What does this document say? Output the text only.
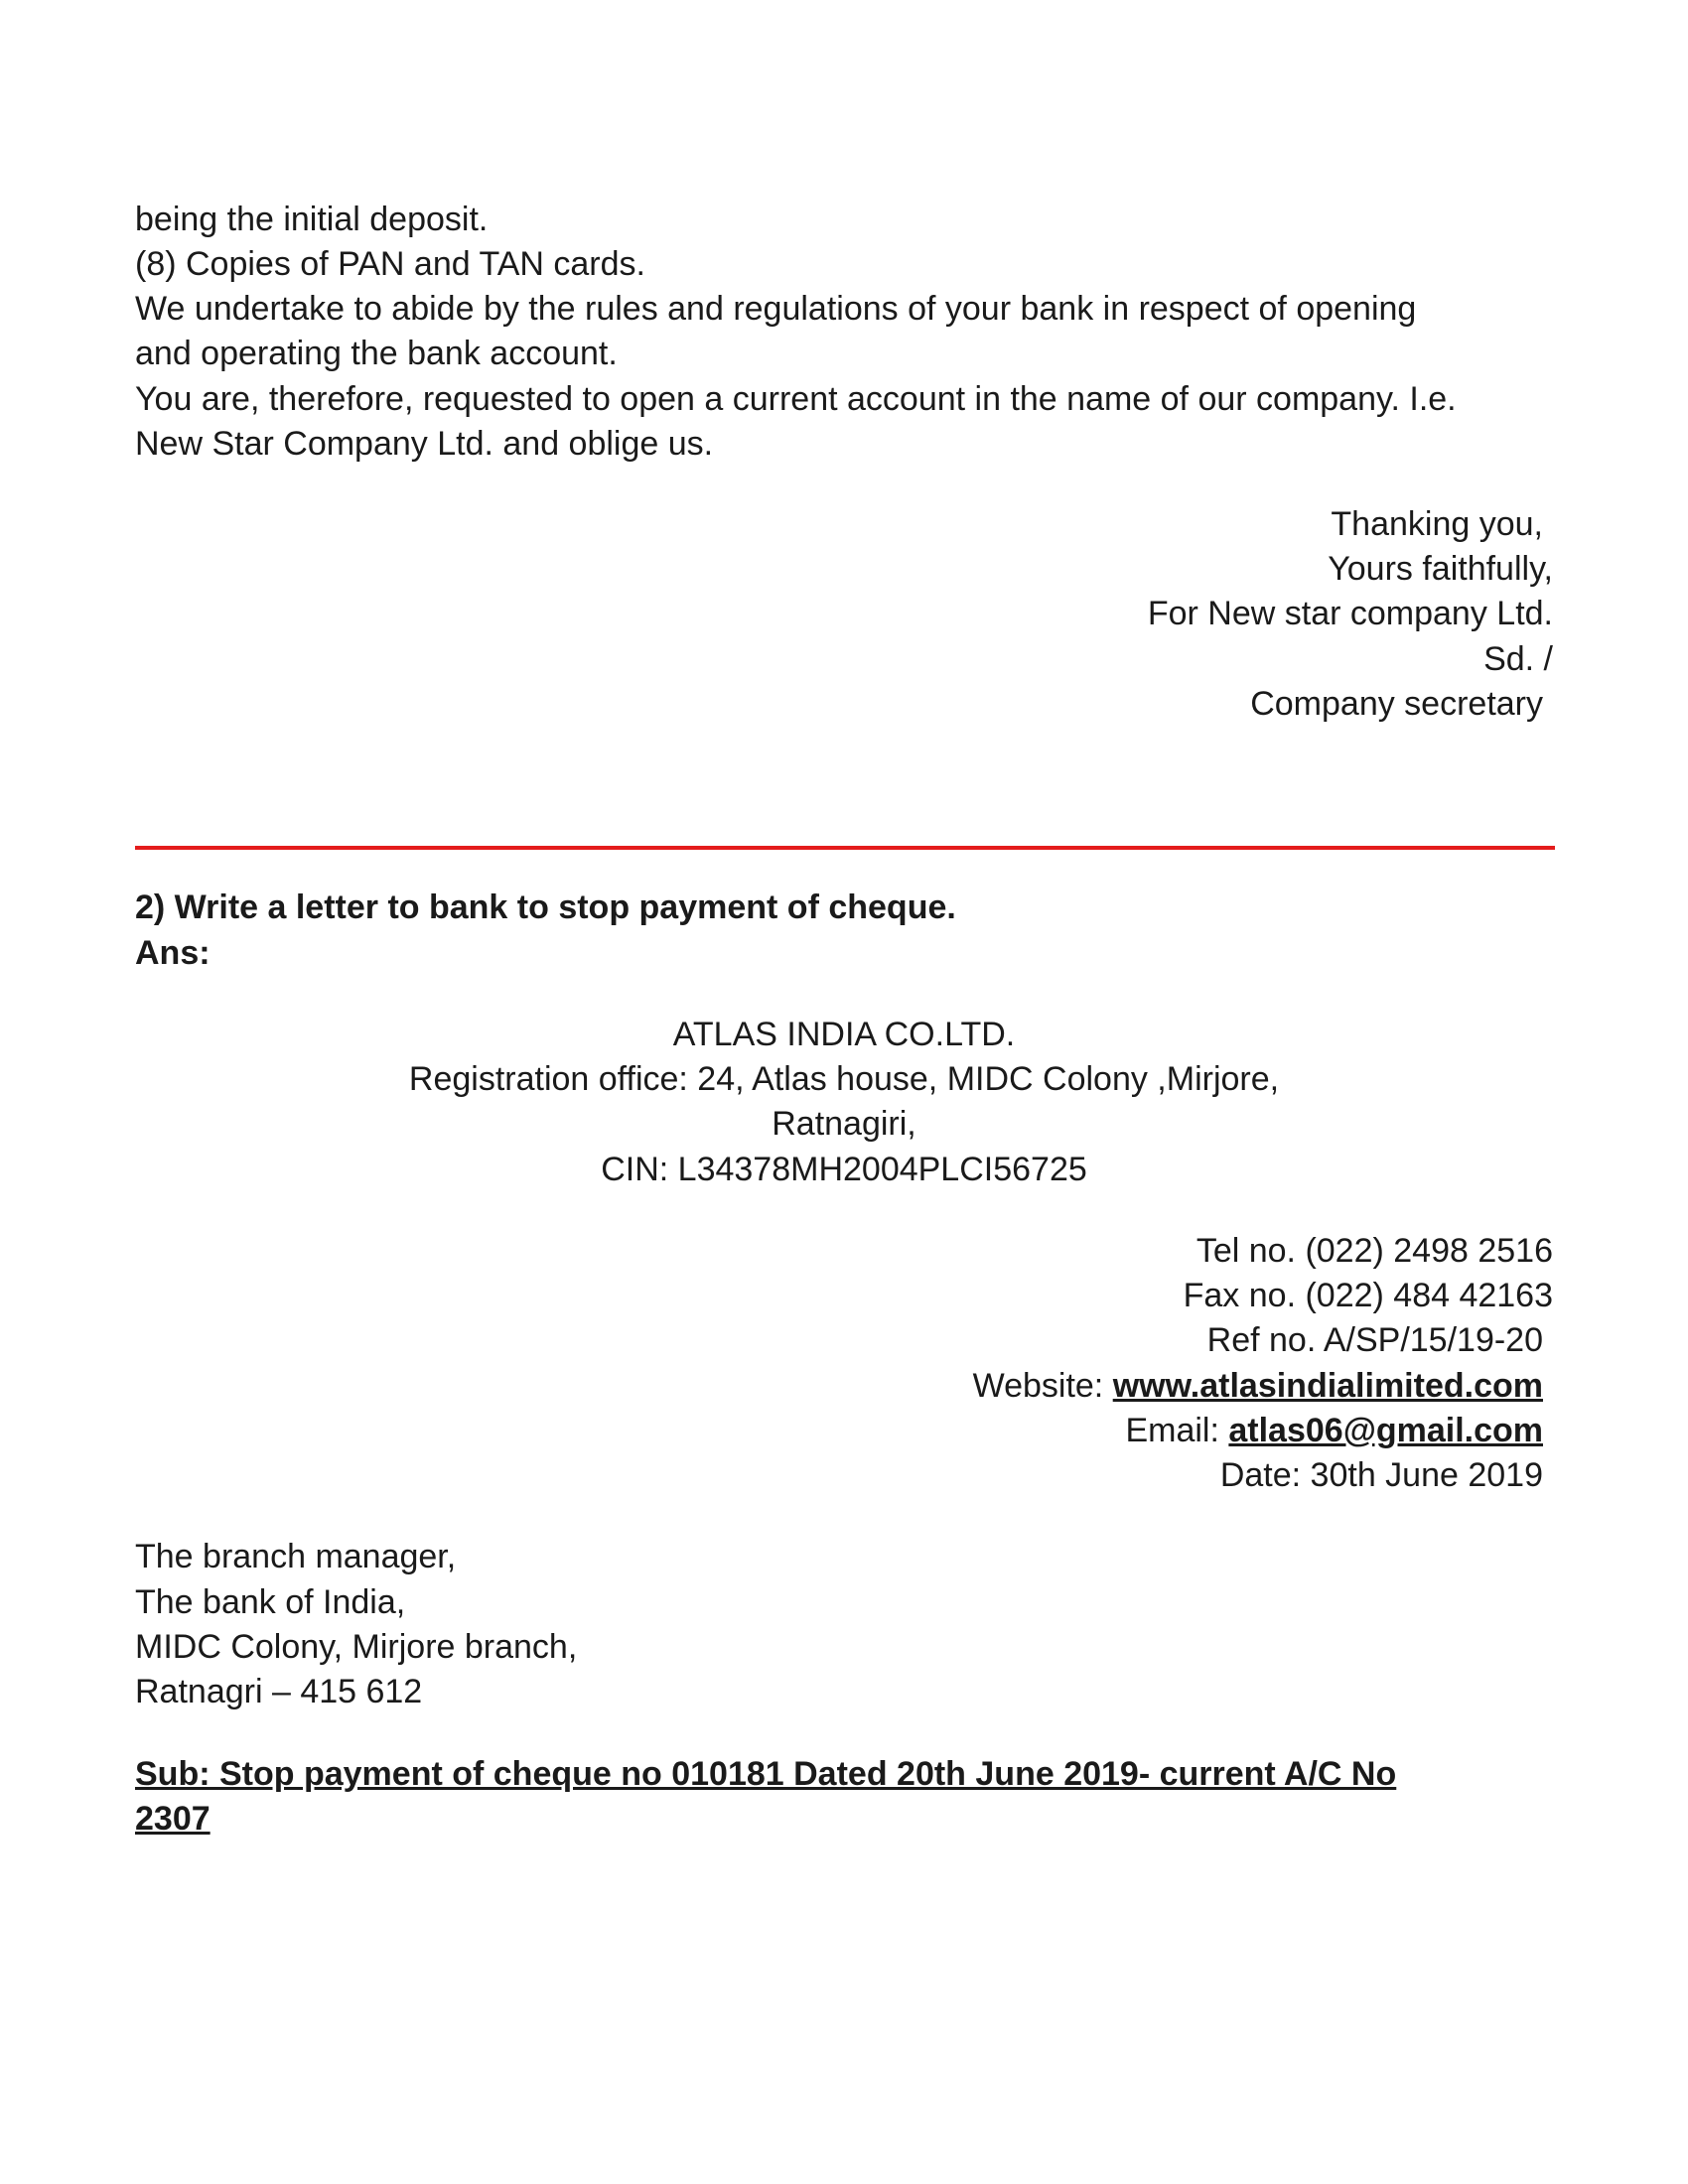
being the initial deposit.
(8) Copies of PAN and TAN cards.
We undertake to abide by the rules and regulations of your bank in respect of opening
and operating the bank account.
You are, therefore, requested to open a current account in the name of our company. I.e.
New Star Company Ltd. and oblige us.
Thanking you,
Yours faithfully,
For New star company Ltd.
Sd. /
Company secretary
2) Write a letter to bank to stop payment of cheque.
Ans:
ATLAS INDIA CO.LTD.
Registration office: 24, Atlas house, MIDC Colony ,Mirjore,
Ratnagiri,
CIN: L34378MH2004PLCI56725
Tel no. (022) 2498 2516
Fax no. (022) 484 42163
Ref no. A/SP/15/19-20
Website: www.atlasindialimited.com
Email: atlas06@gmail.com
Date: 30th June 2019
The branch manager,
The bank of India,
MIDC Colony, Mirjore branch,
Ratnagri – 415 612
Sub: Stop payment of cheque no 010181 Dated 20th June 2019- current A/C No
2307
